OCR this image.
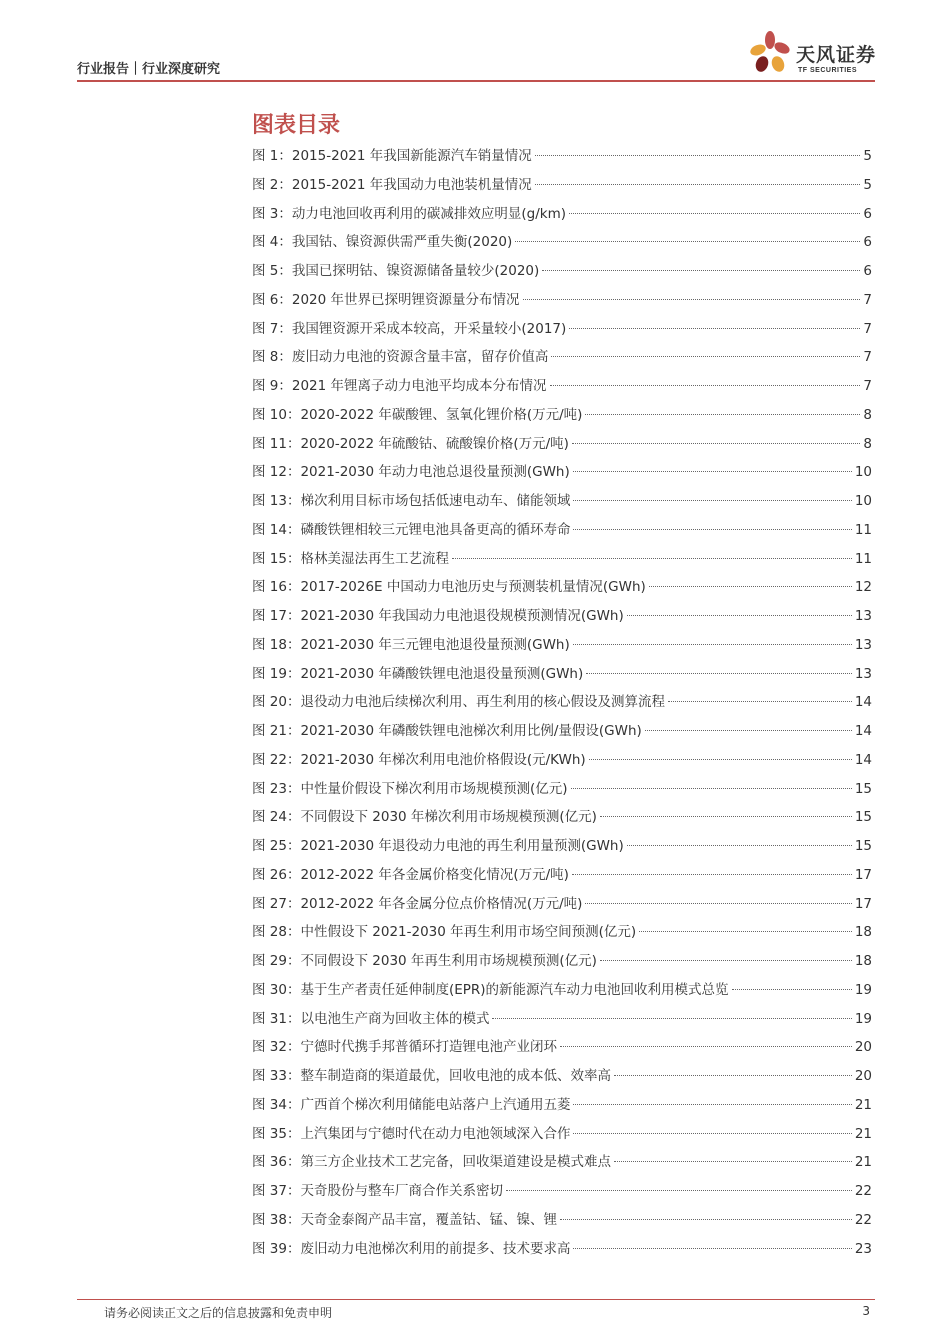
行业报告｜行业深度研究
天风证券
TF SECURITIES
图表目录
图 1：2015-2021 年我国新能源汽车销量情况	5
图 2：2015-2021 年我国动力电池装机量情况	5
图 3：动力电池回收再利用的碳减排效应明显(g/km)	6
图 4：我国钴、镍资源供需严重失衡(2020)	6
图 5：我国已探明钴、镍资源储备量较少(2020)	6
图 6：2020 年世界已探明锂资源量分布情况	7
图 7：我国锂资源开采成本较高，开采量较小(2017)	7
图 8：废旧动力电池的资源含量丰富，留存价值高	7
图 9：2021 年锂离子动力电池平均成本分布情况	7
图 10：2020-2022 年碳酸锂、氢氧化锂价格(万元/吨)	8
图 11：2020-2022 年硫酸钴、硫酸镍价格(万元/吨)	8
图 12：2021-2030 年动力电池总退役量预测(GWh)	10
图 13：梯次利用目标市场包括低速电动车、储能领域	10
图 14：磷酸铁锂相较三元锂电池具备更高的循环寿命	11
图 15：格林美湿法再生工艺流程	11
图 16：2017-2026E 中国动力电池历史与预测装机量情况(GWh)	12
图 17：2021-2030 年我国动力电池退役规模预测情况(GWh)	13
图 18：2021-2030 年三元锂电池退役量预测(GWh)	13
图 19：2021-2030 年磷酸铁锂电池退役量预测(GWh)	13
图 20：退役动力电池后续梯次利用、再生利用的核心假设及测算流程	14
图 21：2021-2030 年磷酸铁锂电池梯次利用比例/量假设(GWh)	14
图 22：2021-2030 年梯次利用电池价格假设(元/KWh)	14
图 23：中性量价假设下梯次利用市场规模预测(亿元)	15
图 24：不同假设下 2030 年梯次利用市场规模预测(亿元)	15
图 25：2021-2030 年退役动力电池的再生利用量预测(GWh)	15
图 26：2012-2022 年各金属价格变化情况(万元/吨)	17
图 27：2012-2022 年各金属分位点价格情况(万元/吨)	17
图 28：中性假设下 2021-2030 年再生利用市场空间预测(亿元)	18
图 29：不同假设下 2030 年再生利用市场规模预测(亿元)	18
图 30：基于生产者责任延伸制度(EPR)的新能源汽车动力电池回收利用模式总览	19
图 31：以电池生产商为回收主体的模式	19
图 32：宁德时代携手邦普循环打造锂电池产业闭环	20
图 33：整车制造商的渠道最优，回收电池的成本低、效率高	20
图 34：广西首个梯次利用储能电站落户上汽通用五菱	21
图 35：上汽集团与宁德时代在动力电池领域深入合作	21
图 36：第三方企业技术工艺完备，回收渠道建设是模式难点	21
图 37：天奇股份与整车厂商合作关系密切	22
图 38：天奇金泰阁产品丰富，覆盖钴、锰、镍、锂	22
图 39：废旧动力电池梯次利用的前提多、技术要求高	23
请务必阅读正文之后的信息披露和免责申明	3
